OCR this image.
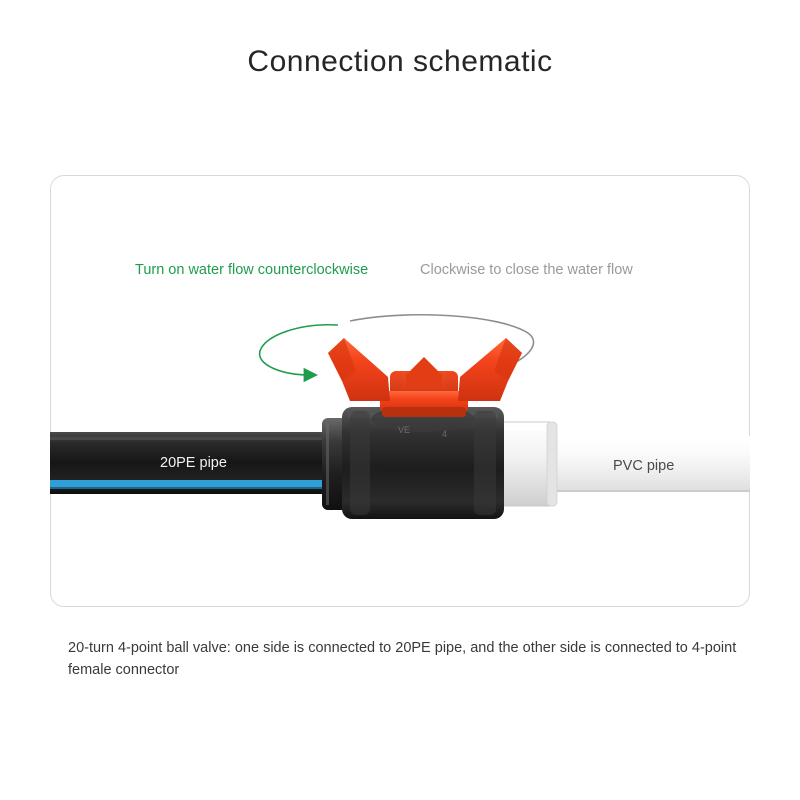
Connection schematic
Turn on water flow counterclockwise	Clockwise to close the water flow
VE	4
20PE pipe	PVC pipe
20-turn 4-point ball valve: one side is connected to 20PE pipe, and the other side is connected to 4-point female connector
